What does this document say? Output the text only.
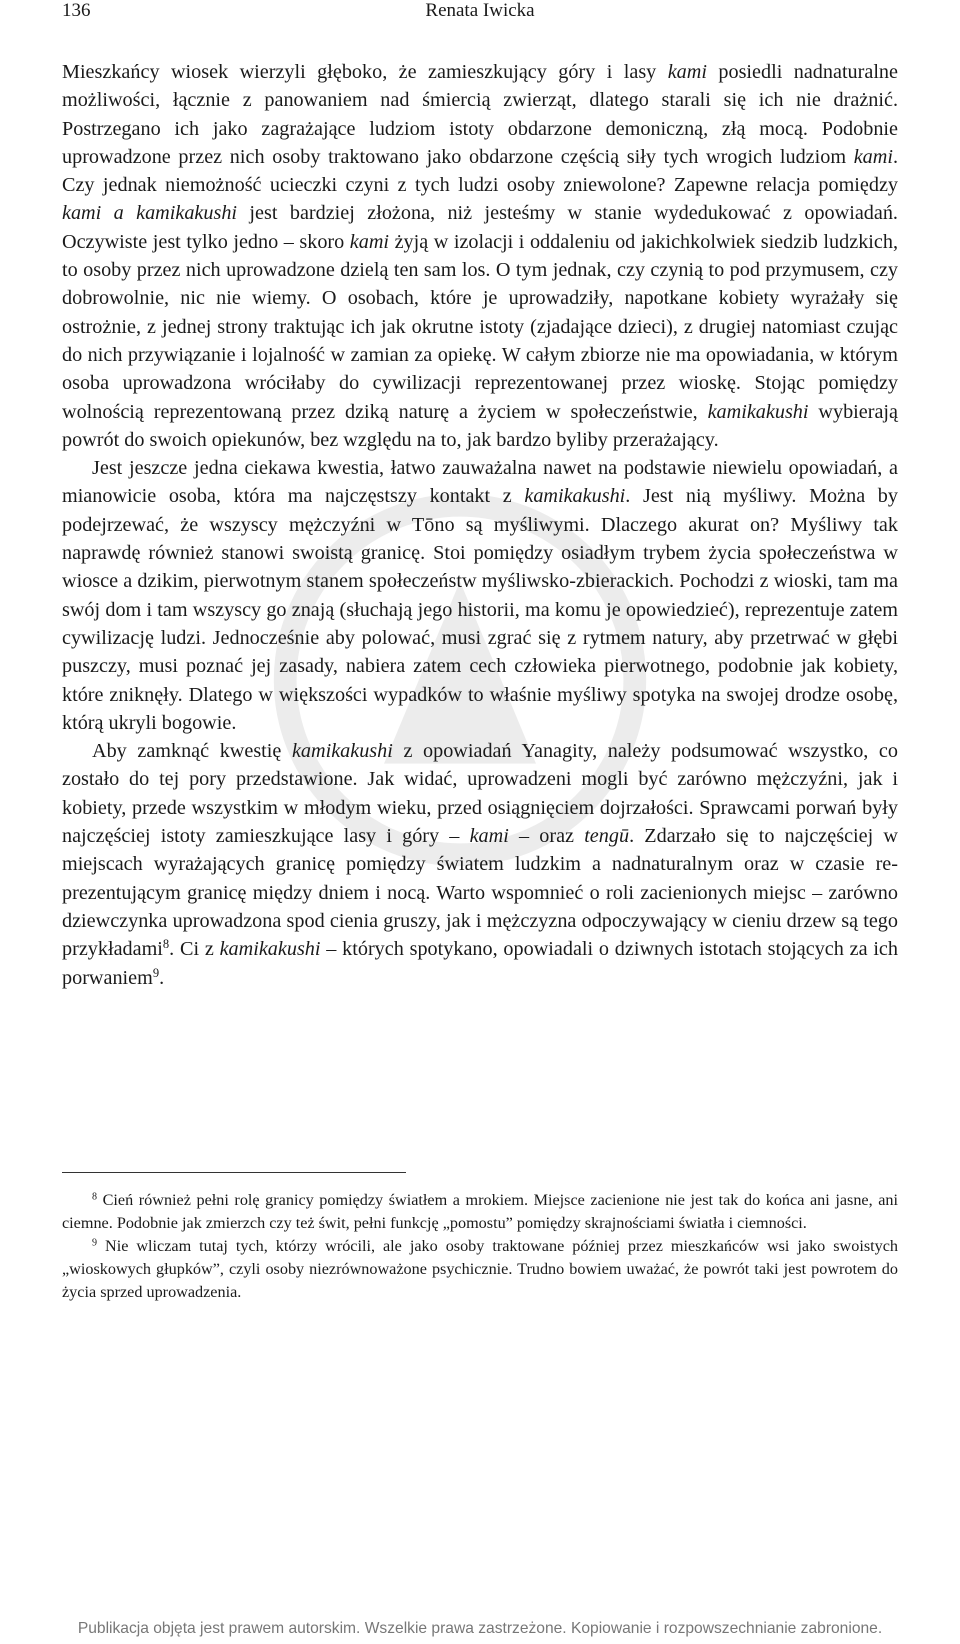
136	Renata Iwicka

Mieszkańcy wiosek wierzyli głęboko, że zamieszkujący góry i lasy kami posiedli nadnaturalne możliwości, łącznie z panowaniem nad śmiercią zwierząt, dlatego starali się ich nie drażnić. Postrzegano ich jako zagrażające ludziom istoty obdarzone demoniczną, złą mocą. Podobnie uprowadzone przez nich osoby traktowano jako obdarzone częścią siły tych wrogich ludziom kami. Czy jednak niemożność ucieczki czyni z tych ludzi osoby zniewolone? Zapewne relacja pomiędzy kami a kamikakushi jest bardziej złożona, niż jesteśmy w stanie wydedukować z opowiadań. Oczywiste jest tylko jedno – skoro kami żyją w izolacji i oddaleniu od jakichkolwiek siedzib ludzkich, to osoby przez nich uprowadzone dzielą ten sam los. O tym jednak, czy czynią to pod przymusem, czy dobrowolnie, nic nie wiemy. O osobach, które je uprowadziły, napotkane kobiety wyrażały się ostrożnie, z jednej strony traktując ich jak okrutne istoty (zjadające dzieci), z drugiej natomiast czując do nich przywiązanie i lojalność w zamian za opiekę. W całym zbiorze nie ma opowiadania, w którym osoba uprowadzona wróciłaby do cywilizacji reprezentowanej przez wioskę. Stojąc pomiędzy wolnością reprezentowaną przez dziką naturę a życiem w społeczeństwie, kamikakushi wybierają powrót do swoich opiekunów, bez względu na to, jak bardzo byliby przerażający.

Jest jeszcze jedna ciekawa kwestia, łatwo zauważalna nawet na podstawie niewielu opowiadań, a mianowicie osoba, która ma najczęstszy kontakt z kamikakushi. Jest nią myśliwy. Można by podejrzewać, że wszyscy mężczyźni w Tōno są myśliwymi. Dlaczego akurat on? Myśliwy tak naprawdę również stanowi swoistą granicę. Stoi pomiędzy osiadłym trybem życia społeczeństwa w wiosce a dzikim, pierwotnym stanem społeczeństw myśliwsko-zbierackich. Pochodzi z wioski, tam ma swój dom i tam wszyscy go znają (słuchają jego historii, ma komu je opowiedzieć), reprezentuje zatem cywilizację ludzi. Jednocześnie aby polować, musi zgrać się z rytmem natury, aby przetrwać w głębi puszczy, musi poznać jej zasady, nabiera zatem cech człowieka pierwotnego, podobnie jak kobiety, które zniknęły. Dlatego w większości wypadków to właśnie myśliwy spotyka na swojej drodze osobę, którą ukryli bogowie.

Aby zamknąć kwestię kamikakushi z opowiadań Yanagity, należy podsumować wszystko, co zostało do tej pory przedstawione. Jak widać, uprowadzeni mogli być zarówno mężczyźni, jak i kobiety, przede wszystkim w młodym wieku, przed osiągnięciem dojrzałości. Sprawcami porwań były najczęściej istoty zamieszkujące lasy i góry – kami – oraz tengū. Zdarzało się to najczęściej w miejscach wyrażających granicę pomiędzy światem ludzkim a nadnaturalnym oraz w czasie reprezentującym granicę między dniem i nocą. Warto wspomnieć o roli zacienionych miejsc – zarówno dziewczynka uprowadzona spod cienia gruszy, jak i mężczyzna odpoczywający w cieniu drzew są tego przykładami$^8$. Ci z kamikakushi – których spotykano, opowiadali o dziwnych istotach stojących za ich porwaniem$^9$.

$^8$ Cień również pełni rolę granicy pomiędzy światłem a mrokiem. Miejsce zacienione nie jest tak do końca ani jasne, ani ciemne. Podobnie jak zmierzch czy też świt, pełni funkcję „pomostu” pomiędzy skrajnościami światła i ciemności.

$^9$ Nie wliczam tutaj tych, którzy wrócili, ale jako osoby traktowane później przez mieszkańców wsi jako swoistych „wioskowych głupków”, czyli osoby niezrównoważone psychicznie. Trudno bowiem uważać, że powrót taki jest powrotem do życia sprzed uprowadzenia.

Publikacja objęta jest prawem autorskim. Wszelkie prawa zastrzeżone. Kopiowanie i rozpowszechnianie zabronione.
